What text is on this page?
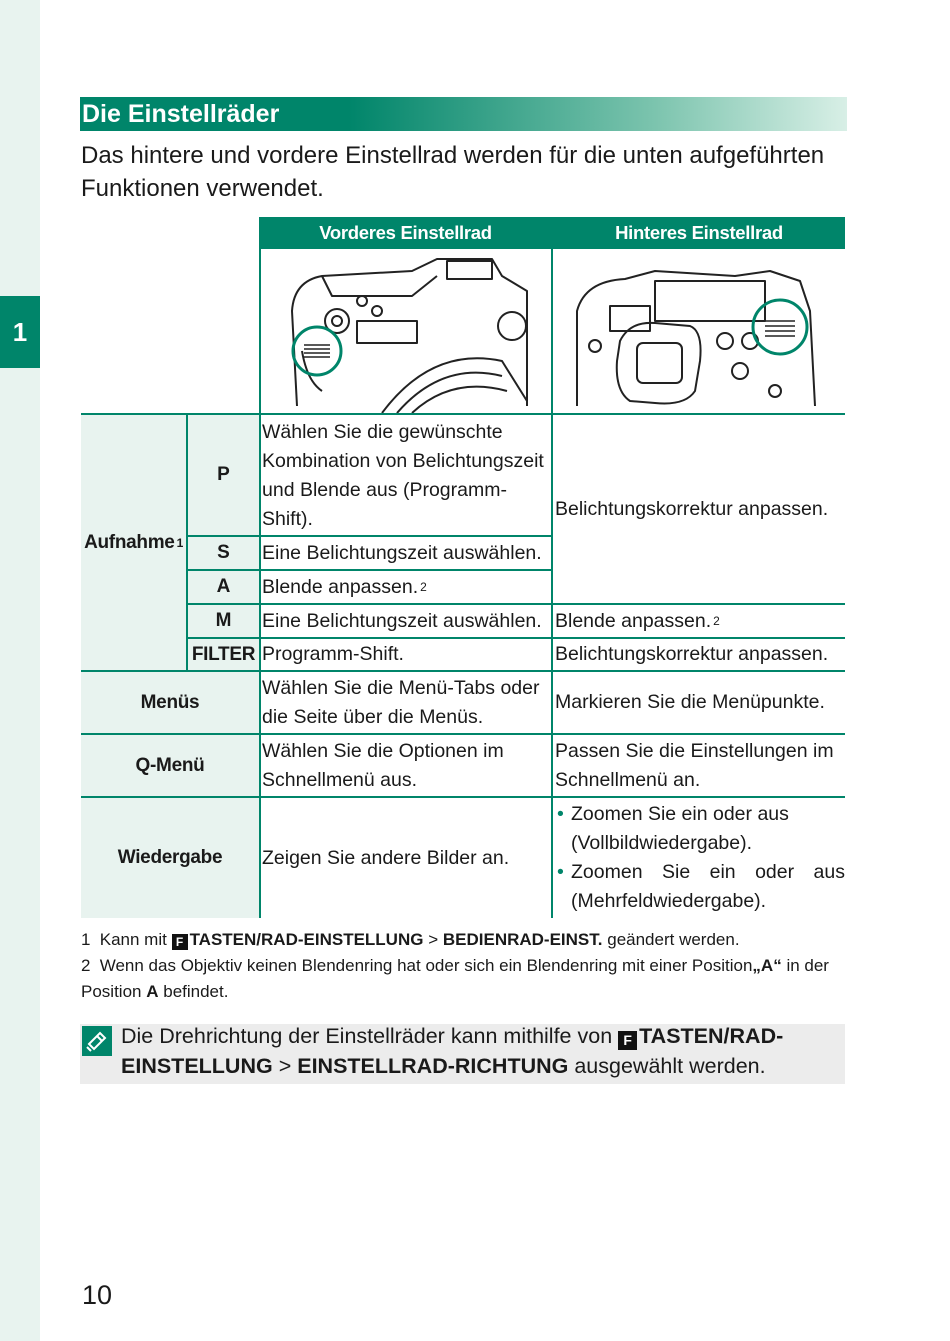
1
Die Einstellräder

Das hintere und vordere Einstellrad werden für die unten aufgeführten Funktionen verwendet.

Vorderes Einstellrad	Hinteres Einstellrad
Aufnahme 1
P
S
A
M
FILTER
Menüs
Q-Menü
Wiedergabe
Wählen Sie die gewünschte Kombination von Belichtungszeit und Blende aus (Programm-Shift).
Eine Belichtungszeit auswählen.
Blende anpassen. 2
Eine Belichtungszeit auswählen.
Programm-Shift.
Wählen Sie die Menü-Tabs oder die Seite über die Menüs.
Wählen Sie die Optionen im Schnellmenü aus.
Zeigen Sie andere Bilder an.
Belichtungskorrektur anpassen.
Blende anpassen. 2
Belichtungskorrektur anpassen.
Markieren Sie die Menüpunkte.
Passen Sie die Einstellungen im Schnellmenü an.
• Zoomen Sie ein oder aus (Vollbildwiedergabe).
• Zoomen Sie ein oder aus (Mehrfeldwiedergabe).

1 Kann mit F TASTEN/RAD-EINSTELLUNG > BEDIENRAD-EINST. geändert werden.

2 Wenn das Objektiv keinen Blendenring hat oder sich ein Blendenring mit einer Position„A“ in der Position A befindet.

Die Drehrichtung der Einstellräder kann mithilfe von F TASTEN/RAD-EINSTELLUNG > EINSTELLRAD-RICHTUNG ausgewählt werden.
10
